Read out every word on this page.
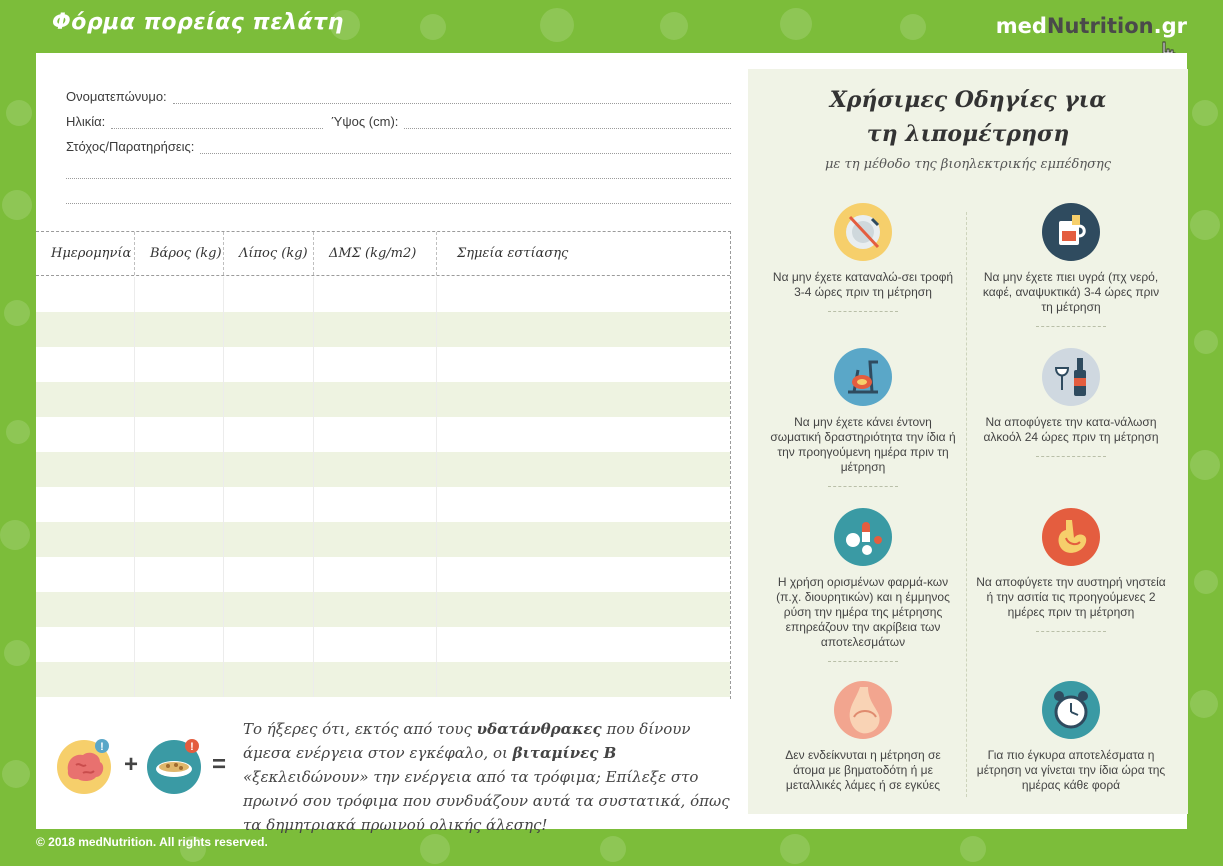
Φόρμα πορείας πελάτη	medNutrition.gr
Ονοματεπώνυμο:
Ηλικία:	Ύψος (cm):
Στόχος/Παρατηρήσεις:
Ημερομηνία	Βάρος (kg)	Λίπος (kg)	ΔΜΣ (kg/m2)	Σημεία εστίασης
!
+
!
=
Το ήξερες ότι, εκτός από τους υδατάνθρακες που δίνουν άμεσα ενέργεια στον εγκέφαλο, οι βιταμίνες Β «ξεκλειδώνουν» την ενέργεια από τα τρόφιμα; Επίλεξε στο πρωινό σου τρόφιμα που συνδυάζουν αυτά τα συστατικά, όπως τα δημητριακά πρωινού ολικής άλεσης!
Χρήσιμες Οδηγίες για
τη λιπομέτρηση
με τη μέθοδο της βιοηλεκτρικής εμπέδησης
Να μην έχετε καταναλώ-σει τροφή 3-4 ώρες πριν τη μέτρηση
Να μην έχετε πιει υγρά (πχ νερό, καφέ, αναψυκτικά) 3-4 ώρες πριν τη μέτρηση
Να μην έχετε κάνει έντονη σωματική δραστηριότητα την ίδια ή την προηγούμενη ημέρα πριν τη μέτρηση
Να αποφύγετε την κατα-νάλωση αλκοόλ 24 ώρες πριν τη μέτρηση
Η χρήση ορισμένων φαρμά-κων (π.χ. διουρητικών) και η έμμηνος ρύση την ημέρα της μέτρησης επηρεάζουν την ακρίβεια των αποτελεσμάτων
Να αποφύγετε την αυστηρή νηστεία ή την ασιτία τις προηγούμενες 2 ημέρες πριν τη μέτρηση
Δεν ενδείκνυται η μέτρηση σε άτομα με βηματοδότη ή με μεταλλικές λάμες ή σε εγκύες
Για πιο έγκυρα αποτελέσματα η μέτρηση να γίνεται την ίδια ώρα της ημέρας κάθε φορά
© 2018 medNutrition. All rights reserved.
